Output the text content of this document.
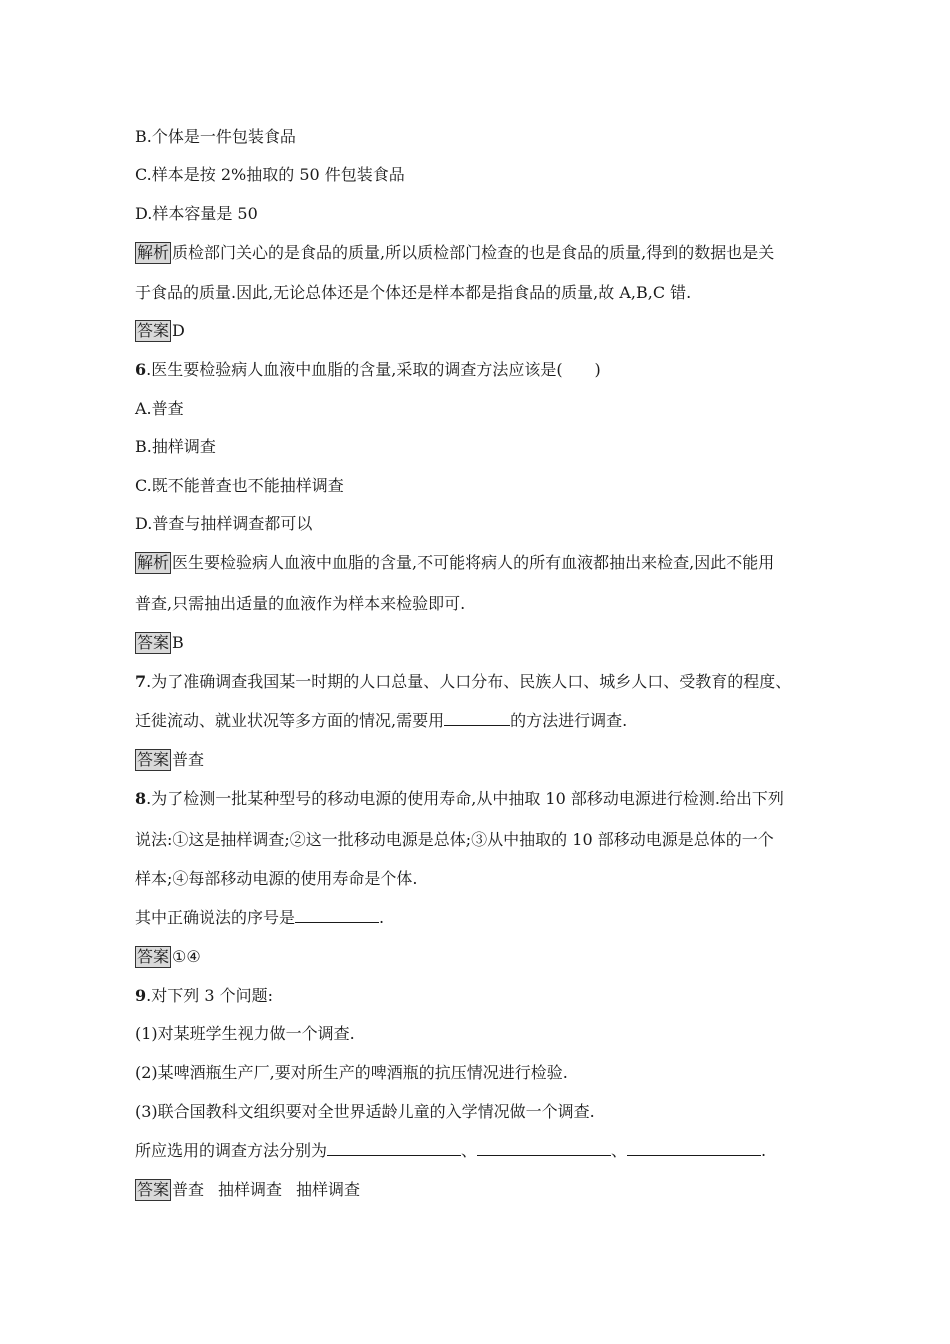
B.个体是一件包装食品
C.样本是按 2%抽取的 50 件包装食品
D.样本容量是 50
解析 质检部门关心的是食品的质量,所以质检部门检查的也是食品的质量,得到的数据也是关
于食品的质量.因此,无论总体还是个体还是样本都是指食品的质量,故 A,B,C 错.
答案 D
6.医生要检验病人血液中血脂的含量,采取的调查方法应该是(　　)
A.普查
B.抽样调查
C.既不能普查也不能抽样调查
D.普查与抽样调查都可以
解析 医生要检验病人血液中血脂的含量,不可能将病人的所有血液都抽出来检查,因此不能用
普查,只需抽出适量的血液作为样本来检验即可.
答案 B
7.为了准确调查我国某一时期的人口总量、人口分布、民族人口、城乡人口、受教育的程度、
迁徙流动、就业状况等多方面的情况,需要用	的方法进行调查.
答案 普查
8.为了检测一批某种型号的移动电源的使用寿命,从中抽取 10 部移动电源进行检测.给出下列
说法:①这是抽样调查;②这一批移动电源是总体;③从中抽取的 10 部移动电源是总体的一个
样本;④每部移动电源的使用寿命是个体.
其中正确说法的序号是	.
答案 ①④
9.对下列 3 个问题:
(1)对某班学生视力做一个调查.
(2)某啤酒瓶生产厂,要对所生产的啤酒瓶的抗压情况进行检验.
(3)联合国教科文组织要对全世界适龄儿童的入学情况做一个调查.
所应选用的调查方法分别为	、	、	.
答案 普查 抽样调查 抽样调查
